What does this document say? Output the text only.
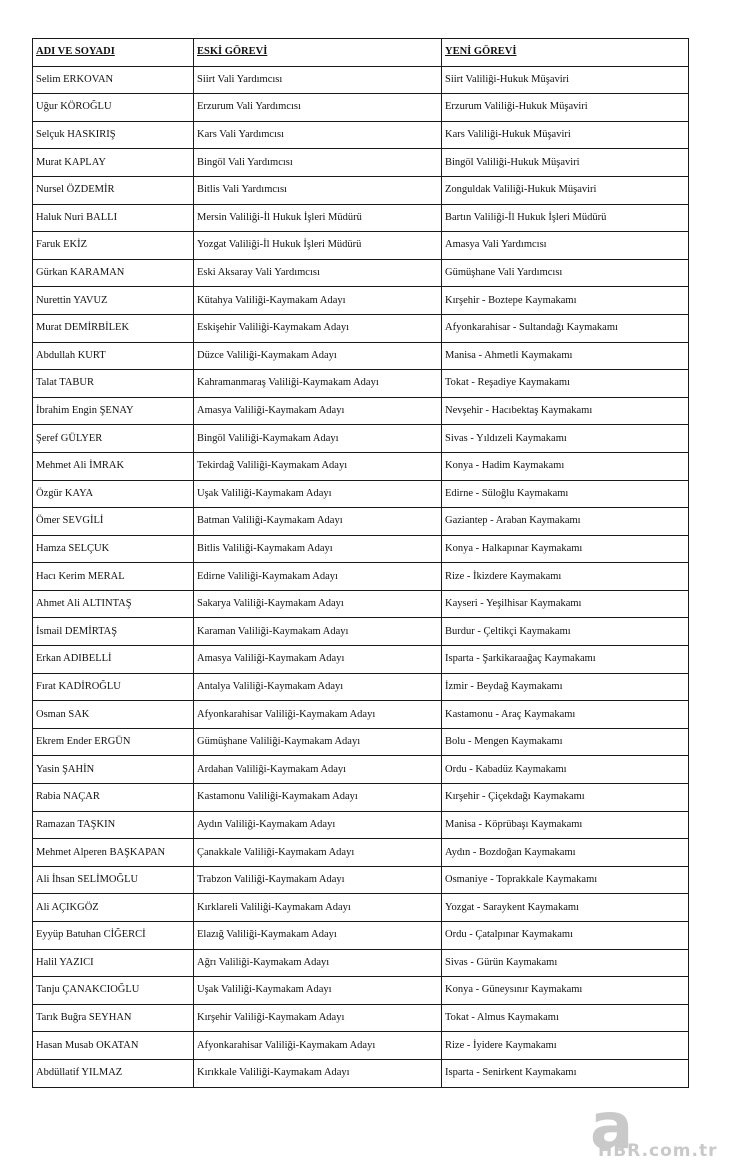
ADI VE SOYADI	ESKİ GÖREVİ	YENİ GÖREVİ
Selim ERKOVAN	Siirt Vali Yardımcısı	Siirt Valiliği-Hukuk Müşaviri
Uğur KÖROĞLU	Erzurum Vali Yardımcısı	Erzurum Valiliği-Hukuk Müşaviri
Selçuk HASKIRIŞ	Kars Vali Yardımcısı	Kars Valiliği-Hukuk Müşaviri
Murat KAPLAY	Bingöl Vali Yardımcısı	Bingöl Valiliği-Hukuk Müşaviri
Nursel ÖZDEMİR	Bitlis Vali Yardımcısı	Zonguldak Valiliği-Hukuk Müşaviri
Haluk Nuri BALLI	Mersin Valiliği-İl Hukuk İşleri Müdürü	Bartın Valiliği-İl Hukuk İşleri Müdürü
Faruk EKİZ	Yozgat Valiliği-İl Hukuk İşleri Müdürü	Amasya Vali Yardımcısı
Gürkan KARAMAN	Eski Aksaray Vali Yardımcısı	Gümüşhane Vali Yardımcısı
Nurettin YAVUZ	Kütahya Valiliği-Kaymakam Adayı	Kırşehir - Boztepe Kaymakamı
Murat DEMİRBİLEK	Eskişehir Valiliği-Kaymakam Adayı	Afyonkarahisar - Sultandağı Kaymakamı
Abdullah KURT	Düzce Valiliği-Kaymakam Adayı	Manisa - Ahmetli Kaymakamı
Talat TABUR	Kahramanmaraş Valiliği-Kaymakam Adayı	Tokat - Reşadiye Kaymakamı
İbrahim Engin ŞENAY	Amasya Valiliği-Kaymakam Adayı	Nevşehir - Hacıbektaş Kaymakamı
Şeref GÜLYER	Bingöl Valiliği-Kaymakam Adayı	Sivas - Yıldızeli Kaymakamı
Mehmet Ali İMRAK	Tekirdağ Valiliği-Kaymakam Adayı	Konya - Hadim Kaymakamı
Özgür KAYA	Uşak Valiliği-Kaymakam Adayı	Edirne - Süloğlu Kaymakamı
Ömer SEVGİLİ	Batman Valiliği-Kaymakam Adayı	Gaziantep - Araban Kaymakamı
Hamza SELÇUK	Bitlis Valiliği-Kaymakam Adayı	Konya - Halkapınar Kaymakamı
Hacı Kerim MERAL	Edirne Valiliği-Kaymakam Adayı	Rize - İkizdere Kaymakamı
Ahmet Ali ALTINTAŞ	Sakarya Valiliği-Kaymakam Adayı	Kayseri - Yeşilhisar Kaymakamı
İsmail DEMİRTAŞ	Karaman Valiliği-Kaymakam Adayı	Burdur - Çeltikçi Kaymakamı
Erkan ADIBELLİ	Amasya Valiliği-Kaymakam Adayı	Isparta - Şarkikaraağaç Kaymakamı
Fırat KADİROĞLU	Antalya Valiliği-Kaymakam Adayı	İzmir - Beydağ Kaymakamı
Osman SAK	Afyonkarahisar Valiliği-Kaymakam Adayı	Kastamonu - Araç Kaymakamı
Ekrem Ender ERGÜN	Gümüşhane Valiliği-Kaymakam Adayı	Bolu - Mengen Kaymakamı
Yasin ŞAHİN	Ardahan Valiliği-Kaymakam Adayı	Ordu - Kabadüz Kaymakamı
Rabia NAÇAR	Kastamonu Valiliği-Kaymakam Adayı	Kırşehir - Çiçekdağı Kaymakamı
Ramazan TAŞKIN	Aydın Valiliği-Kaymakam Adayı	Manisa - Köprübaşı Kaymakamı
Mehmet Alperen BAŞKAPAN	Çanakkale Valiliği-Kaymakam Adayı	Aydın - Bozdoğan Kaymakamı
Ali İhsan SELİMOĞLU	Trabzon Valiliği-Kaymakam Adayı	Osmaniye - Toprakkale Kaymakamı
Ali AÇIKGÖZ	Kırklareli Valiliği-Kaymakam Adayı	Yozgat - Saraykent Kaymakamı
Eyyüp Batuhan CİĞERCİ	Elazığ Valiliği-Kaymakam Adayı	Ordu - Çatalpınar Kaymakamı
Halil YAZICI	Ağrı Valiliği-Kaymakam Adayı	Sivas - Gürün Kaymakamı
Tanju ÇANAKCIOĞLU	Uşak Valiliği-Kaymakam Adayı	Konya - Güneysınır Kaymakamı
Tarık Buğra SEYHAN	Kırşehir Valiliği-Kaymakam Adayı	Tokat - Almus Kaymakamı
Hasan Musab OKATAN	Afyonkarahisar Valiliği-Kaymakam Adayı	Rize - İyidere Kaymakamı
Abdüllatif YILMAZ	Kırıkkale Valiliği-Kaymakam Adayı	Isparta - Senirkent Kaymakamı
a
HBR.com.tr
